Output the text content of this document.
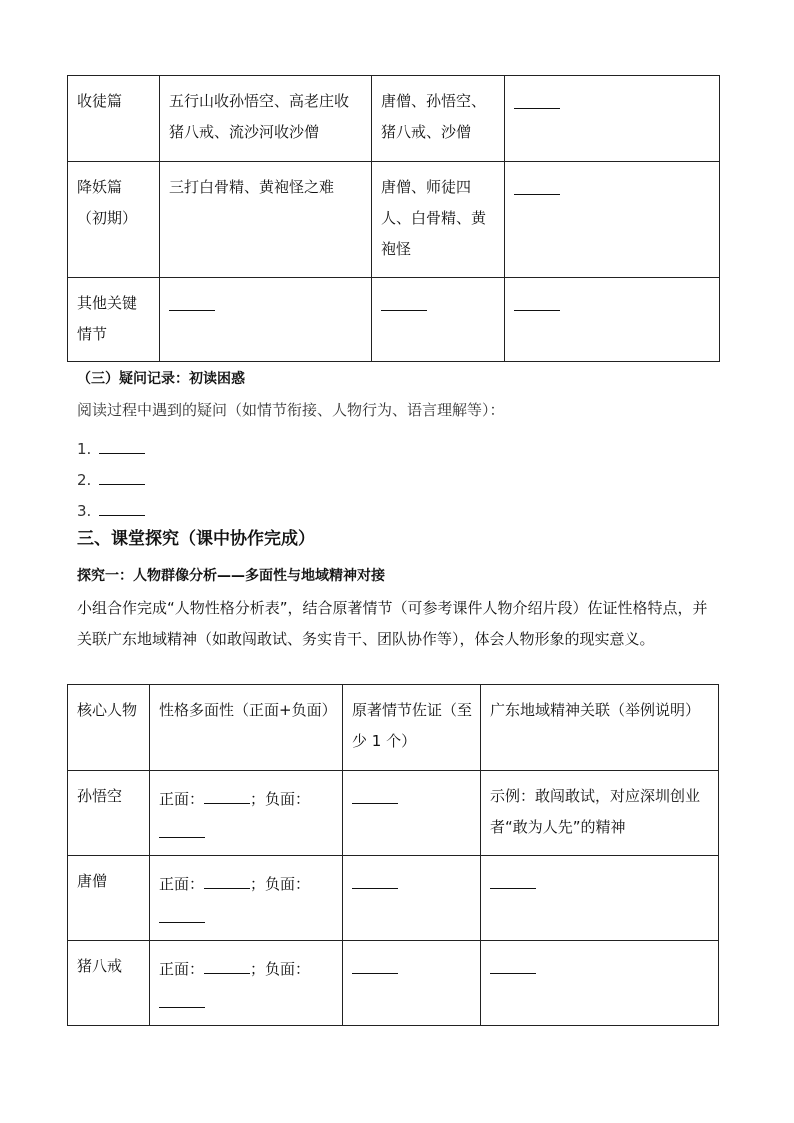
收徒篇	五行山收孙悟空、高老庄收猪八戒、流沙河收沙僧	唐僧、孙悟空、猪八戒、沙僧	
降妖篇（初期）	三打白骨精、黄袍怪之难	唐僧、师徒四人、白骨精、黄袍怪	
其他关键情节			
（三）疑问记录：初读困惑
阅读过程中遇到的疑问（如情节衔接、人物行为、语言理解等）：
1.
2.
3.
三、课堂探究（课中协作完成）
探究一：人物群像分析——多面性与地域精神对接
小组合作完成“人物性格分析表”，结合原著情节（可参考课件人物介绍片段）佐证性格特点，并关联广东地域精神（如敢闯敢试、务实肯干、团队协作等），体会人物形象的现实意义。
核心人物	性格多面性（正面+负面）	原著情节佐证（至少 1 个）	广东地域精神关联（举例说明）
孙悟空	正面： ；负面：		示例：敢闯敢试，对应深圳创业者“敢为人先”的精神
唐僧	正面： ；负面：

猪八戒	正面： ；负面：
